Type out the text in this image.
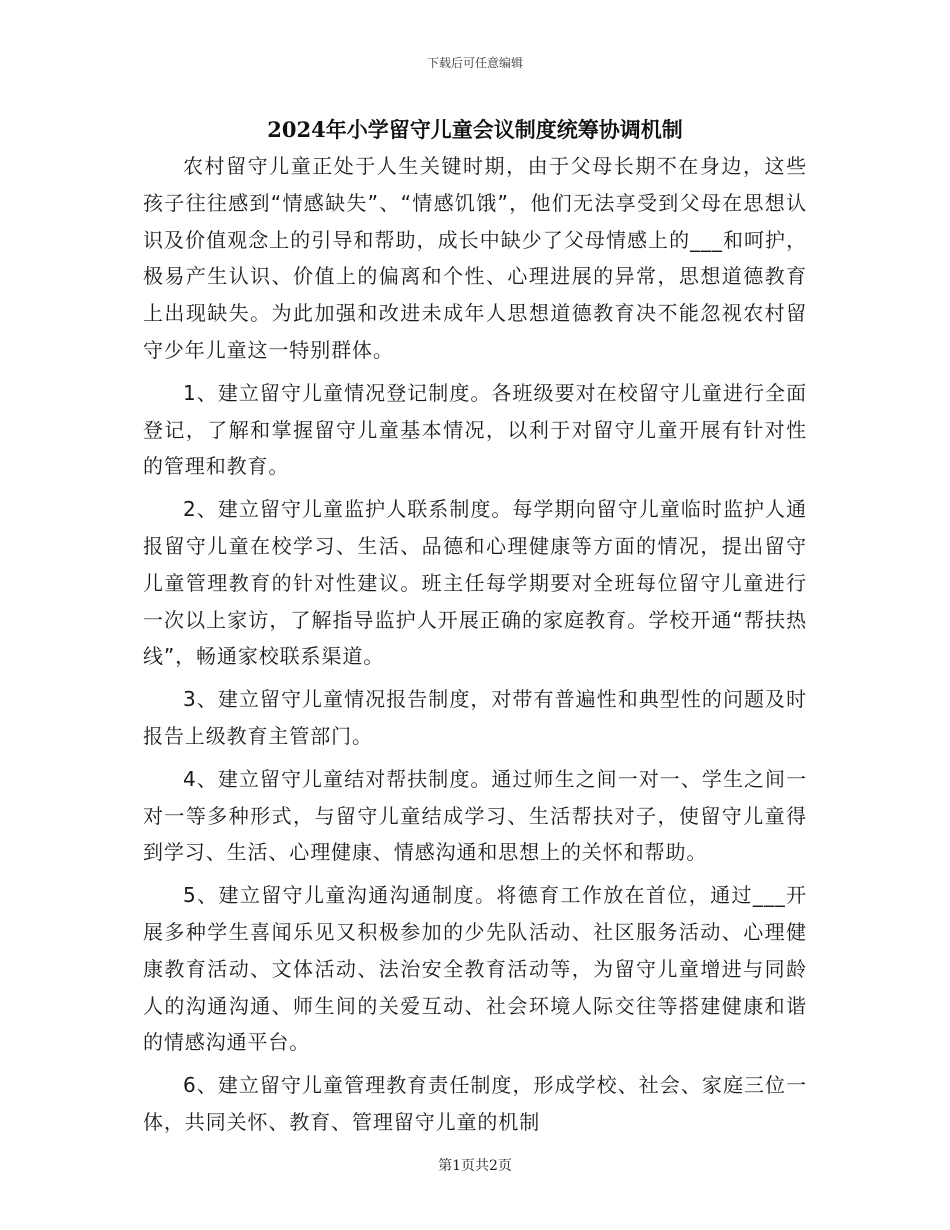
下载后可任意编辑
2024年小学留守儿童会议制度统筹协调机制

农村留守儿童正处于人生关键时期，由于父母长期不在身边，这些孩子往往感到“情感缺失”、“情感饥饿”，他们无法享受到父母在思想认识及价值观念上的引导和帮助，成长中缺少了父母情感上的___和呵护，极易产生认识、价值上的偏离和个性、心理进展的异常，思想道德教育上出现缺失。为此加强和改进未成年人思想道德教育决不能忽视农村留守少年儿童这一特别群体。

1、建立留守儿童情况登记制度。各班级要对在校留守儿童进行全面登记，了解和掌握留守儿童基本情况，以利于对留守儿童开展有针对性的管理和教育。

2、建立留守儿童监护人联系制度。每学期向留守儿童临时监护人通报留守儿童在校学习、生活、品德和心理健康等方面的情况，提出留守儿童管理教育的针对性建议。班主任每学期要对全班每位留守儿童进行一次以上家访，了解指导监护人开展正确的家庭教育。学校开通“帮扶热线”，畅通家校联系渠道。

3、建立留守儿童情况报告制度，对带有普遍性和典型性的问题及时报告上级教育主管部门。

4、建立留守儿童结对帮扶制度。通过师生之间一对一、学生之间一对一等多种形式，与留守儿童结成学习、生活帮扶对子，使留守儿童得到学习、生活、心理健康、情感沟通和思想上的关怀和帮助。

5、建立留守儿童沟通沟通制度。将德育工作放在首位，通过___开展多种学生喜闻乐见又积极参加的少先队活动、社区服务活动、心理健康教育活动、文体活动、法治安全教育活动等，为留守儿童增进与同龄人的沟通沟通、师生间的关爱互动、社会环境人际交往等搭建健康和谐的情感沟通平台。

6、建立留守儿童管理教育责任制度，形成学校、社会、家庭三位一体，共同关怀、教育、管理留守儿童的机制

第1页共2页
